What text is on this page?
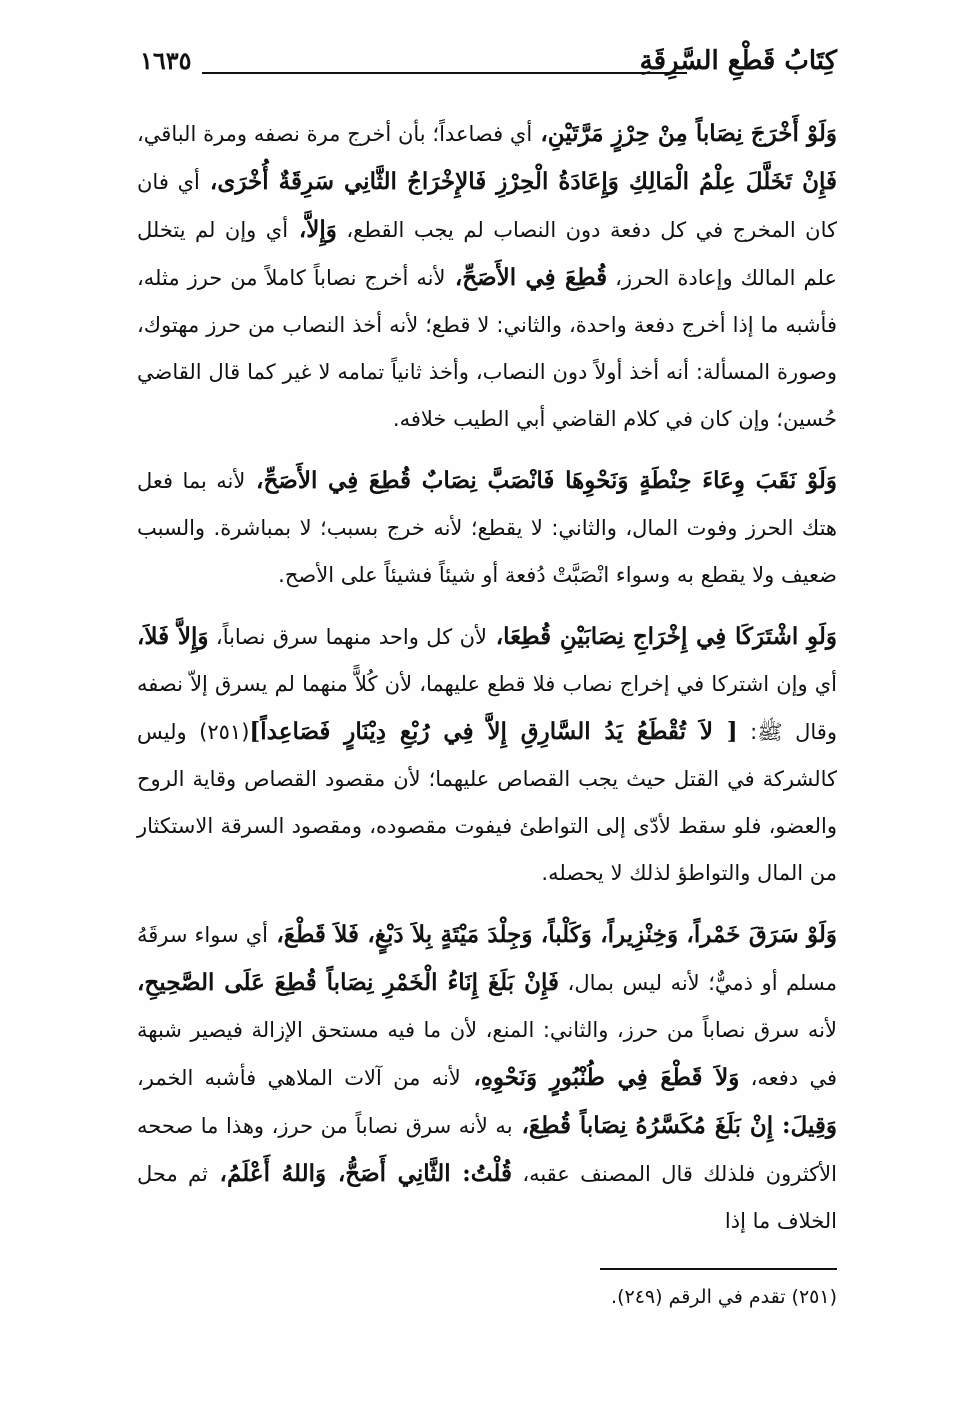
كِتَابُ قَطْعِ السَّرِقَةِ
١٦٣٥

وَلَوْ أَخْرَجَ نِصَاباً مِنْ حِرْزٍ مَرَّتَيْنِ، أي فصاعداً؛ بأن أخرج مرة نصفه ومرة الباقي، فَإِنْ تَخَلَّلَ عِلْمُ الْمَالِكِ وَإِعَادَةُ الْحِرْزِ فَالإِخْرَاجُ الثَّانِي سَرِقَةٌ أُخْرَى، أي فان كان المخرج في كل دفعة دون النصاب لم يجب القطع، وَإِلاَّ، أي وإن لم يتخلل علم المالك وإعادة الحرز، قُطِعَ فِي الأَصَحِّ، لأنه أخرج نصاباً كاملاً من حرز مثله، فأشبه ما إذا أخرج دفعة واحدة، والثاني: لا قطع؛ لأنه أخذ النصاب من حرز مهتوك، وصورة المسألة: أنه أخذ أولاً دون النصاب، وأخذ ثانياً تمامه لا غير كما قال القاضي حُسين؛ وإن كان في كلام القاضي أبي الطيب خلافه.

وَلَوْ نَقَبَ وِعَاءَ حِنْطَةٍ وَنَحْوِهَا فَانْصَبَّ نِصَابٌ قُطِعَ فِي الأَصَحِّ، لأنه بما فعل هتك الحرز وفوت المال، والثاني: لا يقطع؛ لأنه خرج بسبب؛ لا بمباشرة. والسبب ضعيف ولا يقطع به وسواء انْصَبَّتْ دُفعة أو شيئاً فشيئاً على الأصح.

وَلَوِ اشْتَرَكَا فِي إِخْرَاجِ نِصَابَيْنِ قُطِعَا، لأن كل واحد منهما سرق نصاباً، وَإِلاَّ فَلاَ، أي وإن اشتركا في إخراج نصاب فلا قطع عليهما، لأن كُلاًّ منهما لم يسرق إلاّ نصفه وقال ﷺ: [ لاَ تُقْطَعُ يَدُ السَّارِقِ إِلاَّ فِي رُبْعِ دِيْنَارٍ فَصَاعِداً](٢٥١) وليس كالشركة في القتل حيث يجب القصاص عليهما؛ لأن مقصود القصاص وقاية الروح والعضو، فلو سقط لأدّى إلى التواطئ فيفوت مقصوده، ومقصود السرقة الاستكثار من المال والتواطؤ لذلك لا يحصله.

وَلَوْ سَرَقَ خَمْراً، وَخِنْزِيراً، وَكَلْباً، وَجِلْدَ مَيْتَةٍ بِلاَ دَبْغٍ، فَلاَ قَطْعَ، أي سواء سرقَهُ مسلم أو ذميٌّ؛ لأنه ليس بمال، فَإِنْ بَلَغَ إِنَاءُ الْخَمْرِ نِصَاباً قُطِعَ عَلَى الصَّحِيحِ، لأنه سرق نصاباً من حرز، والثاني: المنع، لأن ما فيه مستحق الإزالة فيصير شبهة في دفعه، وَلاَ قَطْعَ فِي طُنْبُورٍ وَنَحْوِهِ، لأنه من آلات الملاهي فأشبه الخمر، وَقِيلَ: إِنْ بَلَغَ مُكَسَّرُهُ نِصَاباً قُطِعَ، به لأنه سرق نصاباً من حرز، وهذا ما صححه الأكثرون فلذلك قال المصنف عقبه، قُلْتُ: الثَّانِي أَصَحُّ، وَاللهُ أَعْلَمُ، ثم محل الخلاف ما إذا

(٢٥١) تقدم في الرقم (٢٤٩).
